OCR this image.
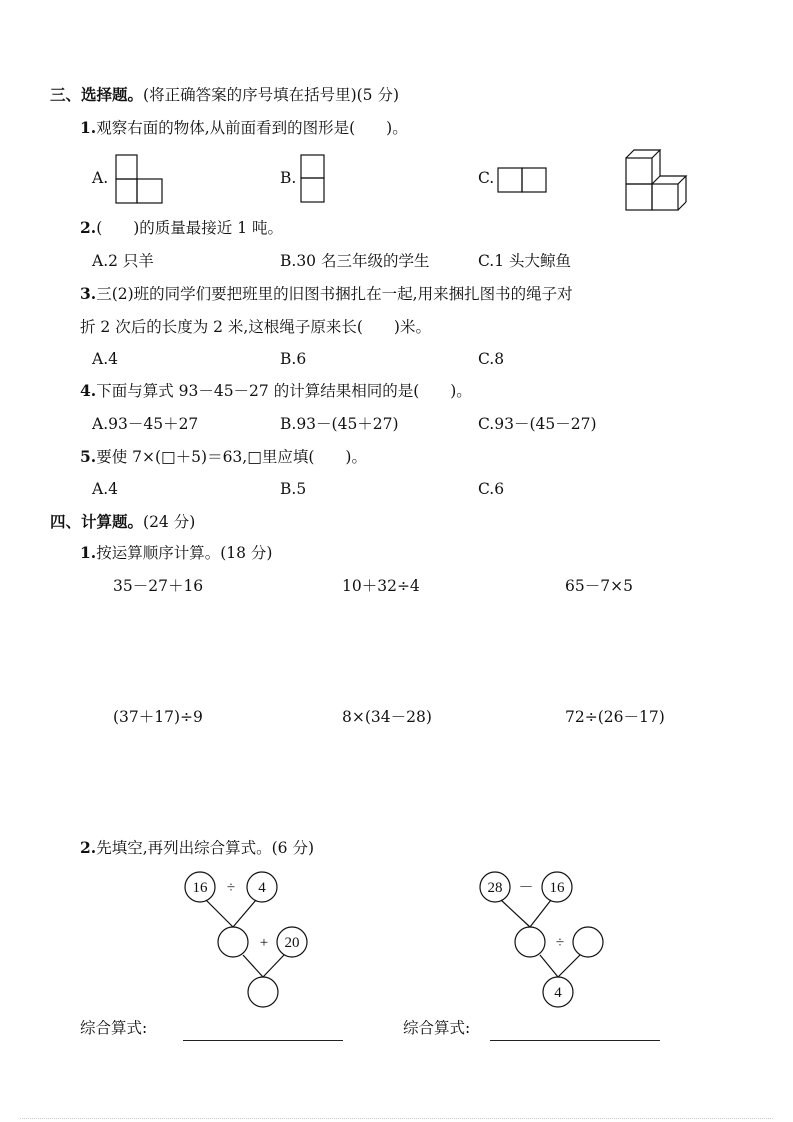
三、选择题。(将正确答案的序号填在括号里)(5 分)
1.观察右面的物体,从前面看到的图形是(　　)。
A.	B.	C.
16 ÷ 4
+ 20
28 － 16
÷
4
2.(　　)的质量最接近 1 吨。
A.2 只羊	B.30 名三年级的学生	C.1 头大鲸鱼
3.三(2)班的同学们要把班里的旧图书捆扎在一起,用来捆扎图书的绳子对
折 2 次后的长度为 2 米,这根绳子原来长(　　)米。
A.4	B.6	C.8
4.下面与算式 93－45－27 的计算结果相同的是(　　)。
A.93－45＋27	B.93－(45＋27)	C.93－(45－27)
5.要使 7×(□＋5)＝63,□里应填(　　)。
A.4	B.5	C.6
四、计算题。(24 分)
1.按运算顺序计算。(18 分)
35－27＋16	10＋32÷4	65－7×5
(37＋17)÷9	8×(34－28)	72÷(26－17)
2.先填空,再列出综合算式。(6 分)
综合算式:	综合算式:
